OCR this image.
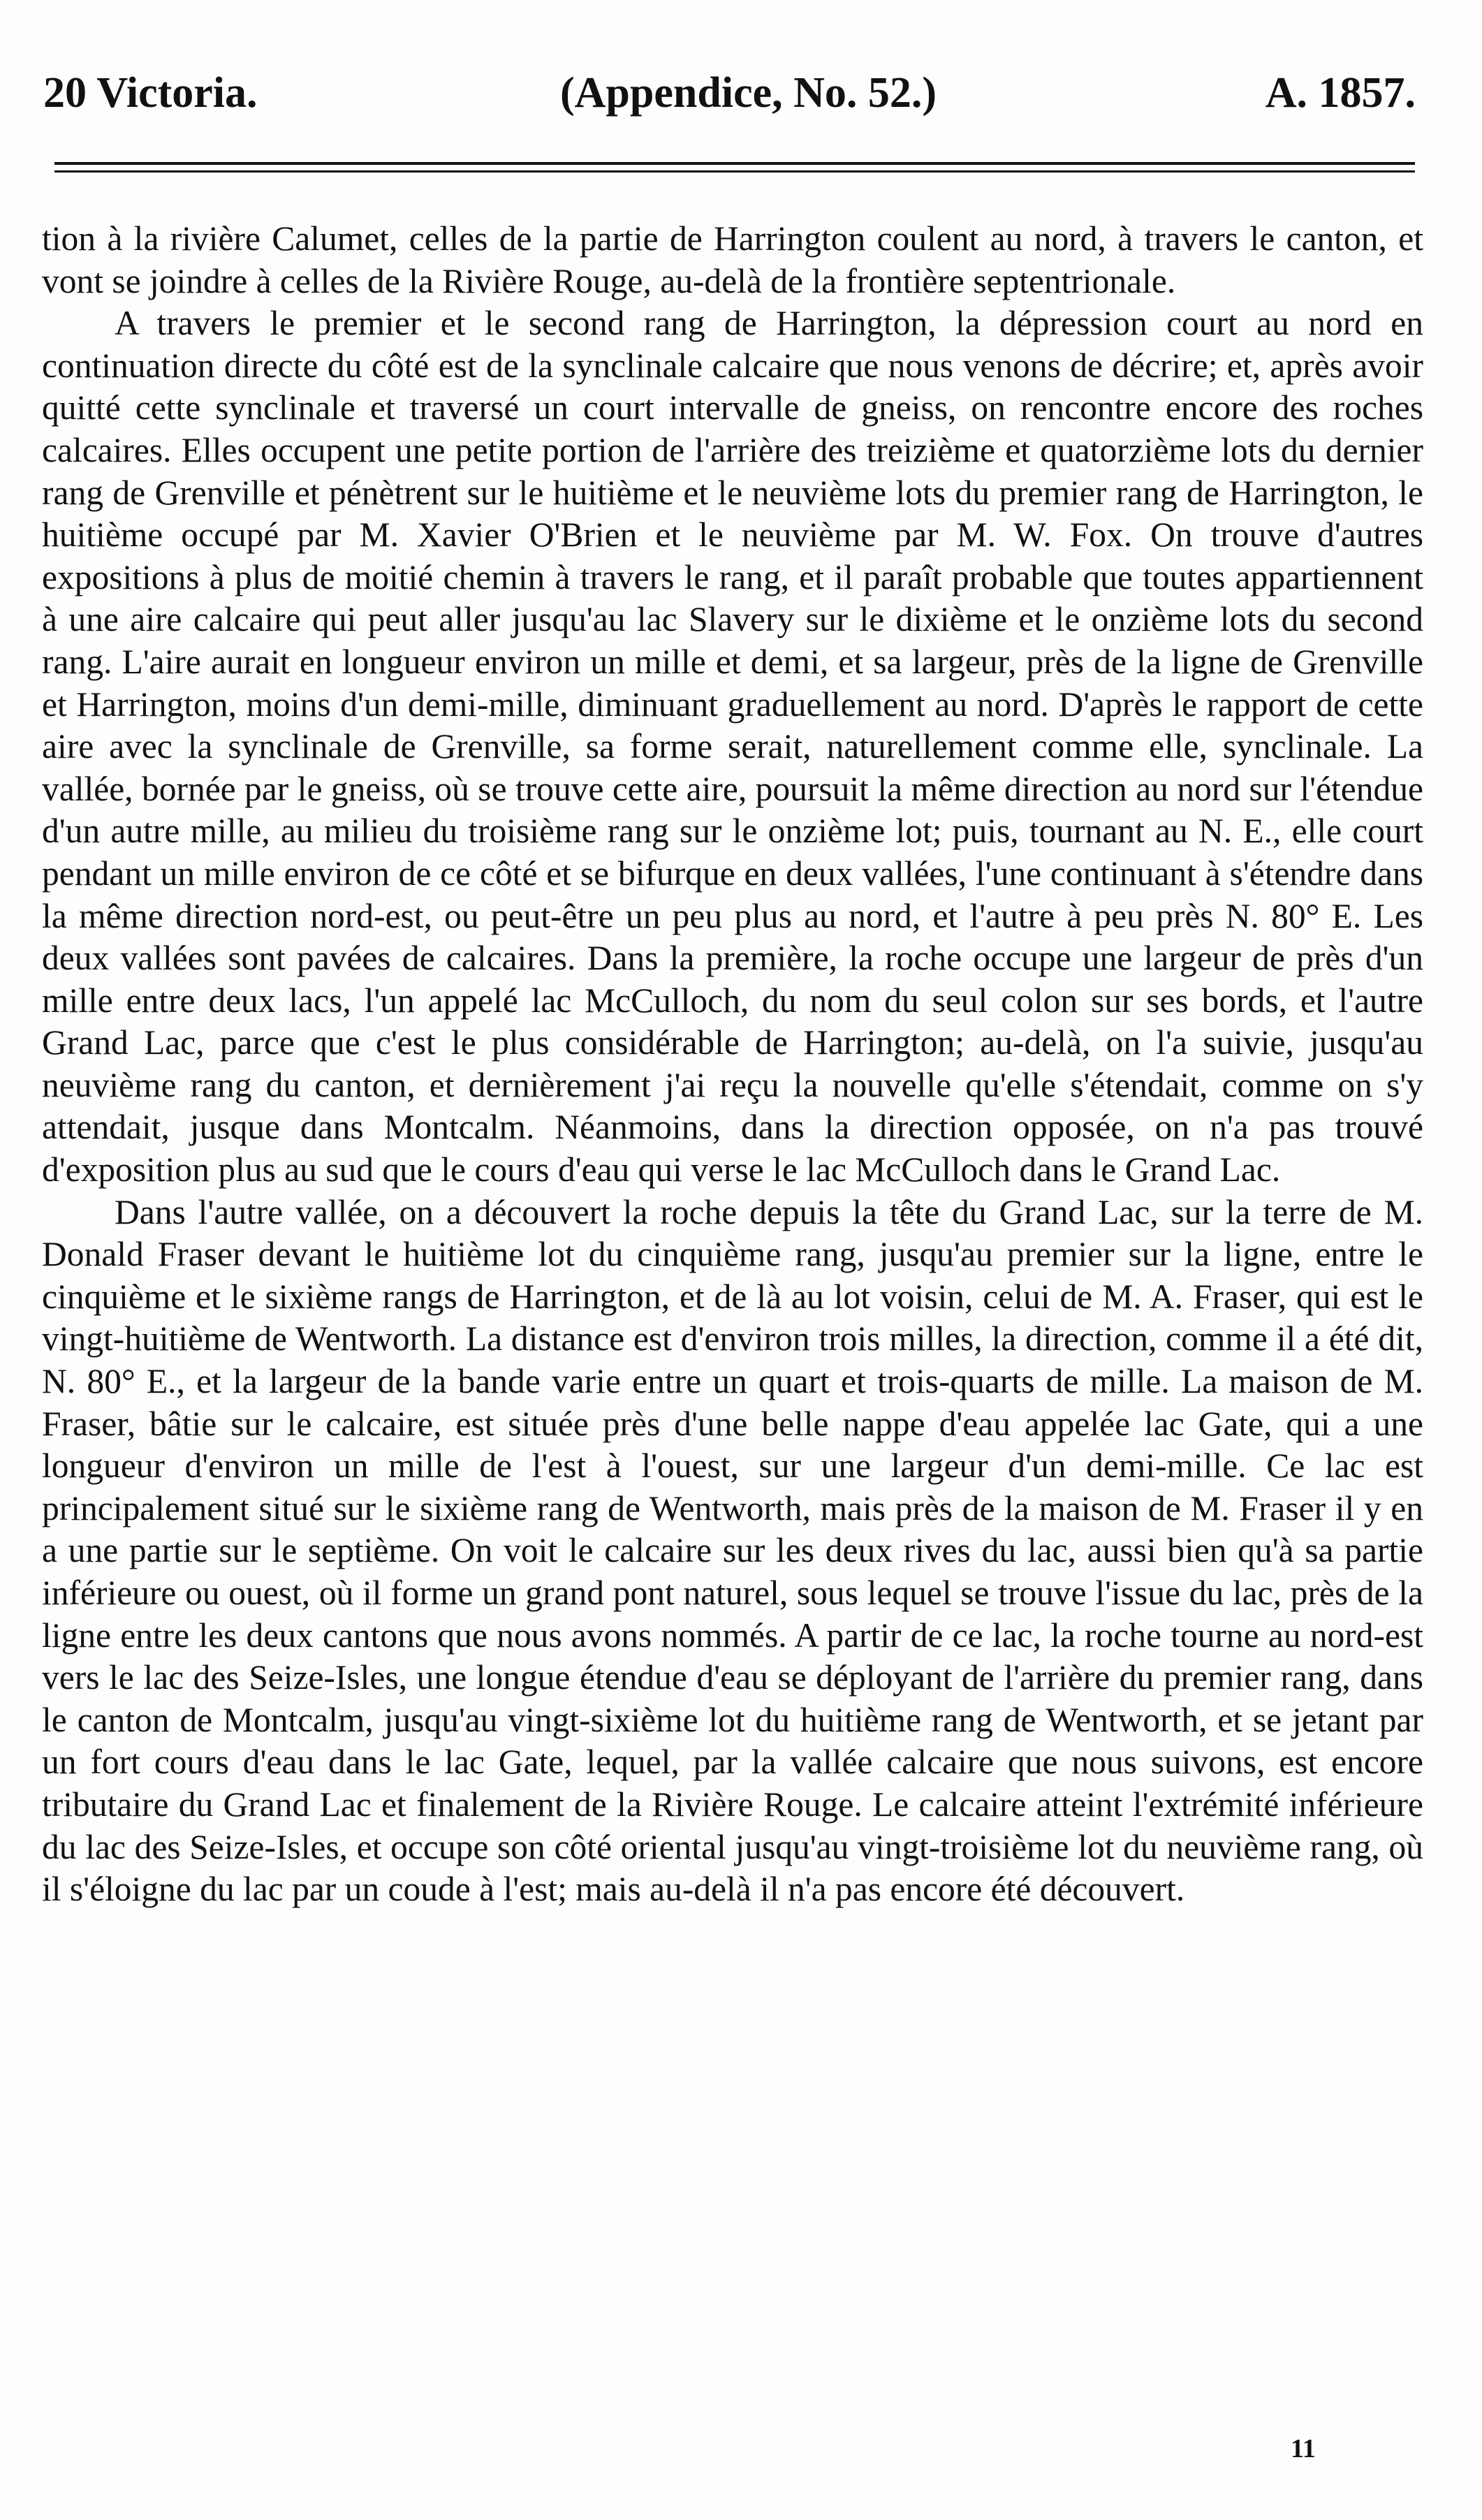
20 Victoria.	(Appendice, No. 52.)	A. 1857.

tion à la rivière Calumet, celles de la partie de Harrington coulent au nord, à travers le canton, et vont se joindre à celles de la Rivière Rouge, au-delà de la frontière septentrionale.

A travers le premier et le second rang de Harrington, la dépression court au nord en continuation directe du côté est de la synclinale calcaire que nous venons de décrire; et, après avoir quitté cette synclinale et traversé un court intervalle de gneiss, on rencontre encore des roches calcaires. Elles occupent une petite portion de l'arrière des treizième et quatorzième lots du dernier rang de Grenville et pénètrent sur le huitième et le neuvième lots du premier rang de Harrington, le huitième occupé par M. Xavier O'Brien et le neuvième par M. W. Fox. On trouve d'autres expositions à plus de moitié chemin à travers le rang, et il paraît probable que toutes appartiennent à une aire calcaire qui peut aller jusqu'au lac Slavery sur le dixième et le onzième lots du second rang. L'aire aurait en longueur environ un mille et demi, et sa largeur, près de la ligne de Grenville et Harrington, moins d'un demi-mille, diminuant graduellement au nord. D'après le rapport de cette aire avec la synclinale de Grenville, sa forme serait, naturellement comme elle, synclinale. La vallée, bornée par le gneiss, où se trouve cette aire, poursuit la même direction au nord sur l'étendue d'un autre mille, au milieu du troisième rang sur le onzième lot; puis, tournant au N. E., elle court pendant un mille environ de ce côté et se bifurque en deux vallées, l'une continuant à s'étendre dans la même direction nord-est, ou peut-être un peu plus au nord, et l'autre à peu près N. 80° E. Les deux vallées sont pavées de calcaires. Dans la première, la roche occupe une largeur de près d'un mille entre deux lacs, l'un appelé lac McCulloch, du nom du seul colon sur ses bords, et l'autre Grand Lac, parce que c'est le plus considérable de Harrington; au-delà, on l'a suivie, jusqu'au neuvième rang du canton, et dernièrement j'ai reçu la nouvelle qu'elle s'étendait, comme on s'y attendait, jusque dans Montcalm. Néanmoins, dans la direction opposée, on n'a pas trouvé d'exposition plus au sud que le cours d'eau qui verse le lac McCulloch dans le Grand Lac.

Dans l'autre vallée, on a découvert la roche depuis la tête du Grand Lac, sur la terre de M. Donald Fraser devant le huitième lot du cinquième rang, jusqu'au premier sur la ligne, entre le cinquième et le sixième rangs de Harrington, et de là au lot voisin, celui de M. A. Fraser, qui est le vingt-huitième de Wentworth. La distance est d'environ trois milles, la direction, comme il a été dit, N. 80° E., et la largeur de la bande varie entre un quart et trois-quarts de mille. La maison de M. Fraser, bâtie sur le calcaire, est située près d'une belle nappe d'eau appelée lac Gate, qui a une longueur d'environ un mille de l'est à l'ouest, sur une largeur d'un demi-mille. Ce lac est principalement situé sur le sixième rang de Wentworth, mais près de la maison de M. Fraser il y en a une partie sur le septième. On voit le calcaire sur les deux rives du lac, aussi bien qu'à sa partie inférieure ou ouest, où il forme un grand pont naturel, sous lequel se trouve l'issue du lac, près de la ligne entre les deux cantons que nous avons nommés. A partir de ce lac, la roche tourne au nord-est vers le lac des Seize-Isles, une longue étendue d'eau se déployant de l'arrière du premier rang, dans le canton de Montcalm, jusqu'au vingt-sixième lot du huitième rang de Wentworth, et se jetant par un fort cours d'eau dans le lac Gate, lequel, par la vallée calcaire que nous suivons, est encore tributaire du Grand Lac et finalement de la Rivière Rouge. Le calcaire atteint l'extrémité inférieure du lac des Seize-Isles, et occupe son côté oriental jusqu'au vingt-troisième lot du neuvième rang, où il s'éloigne du lac par un coude à l'est; mais au-delà il n'a pas encore été découvert.

11
